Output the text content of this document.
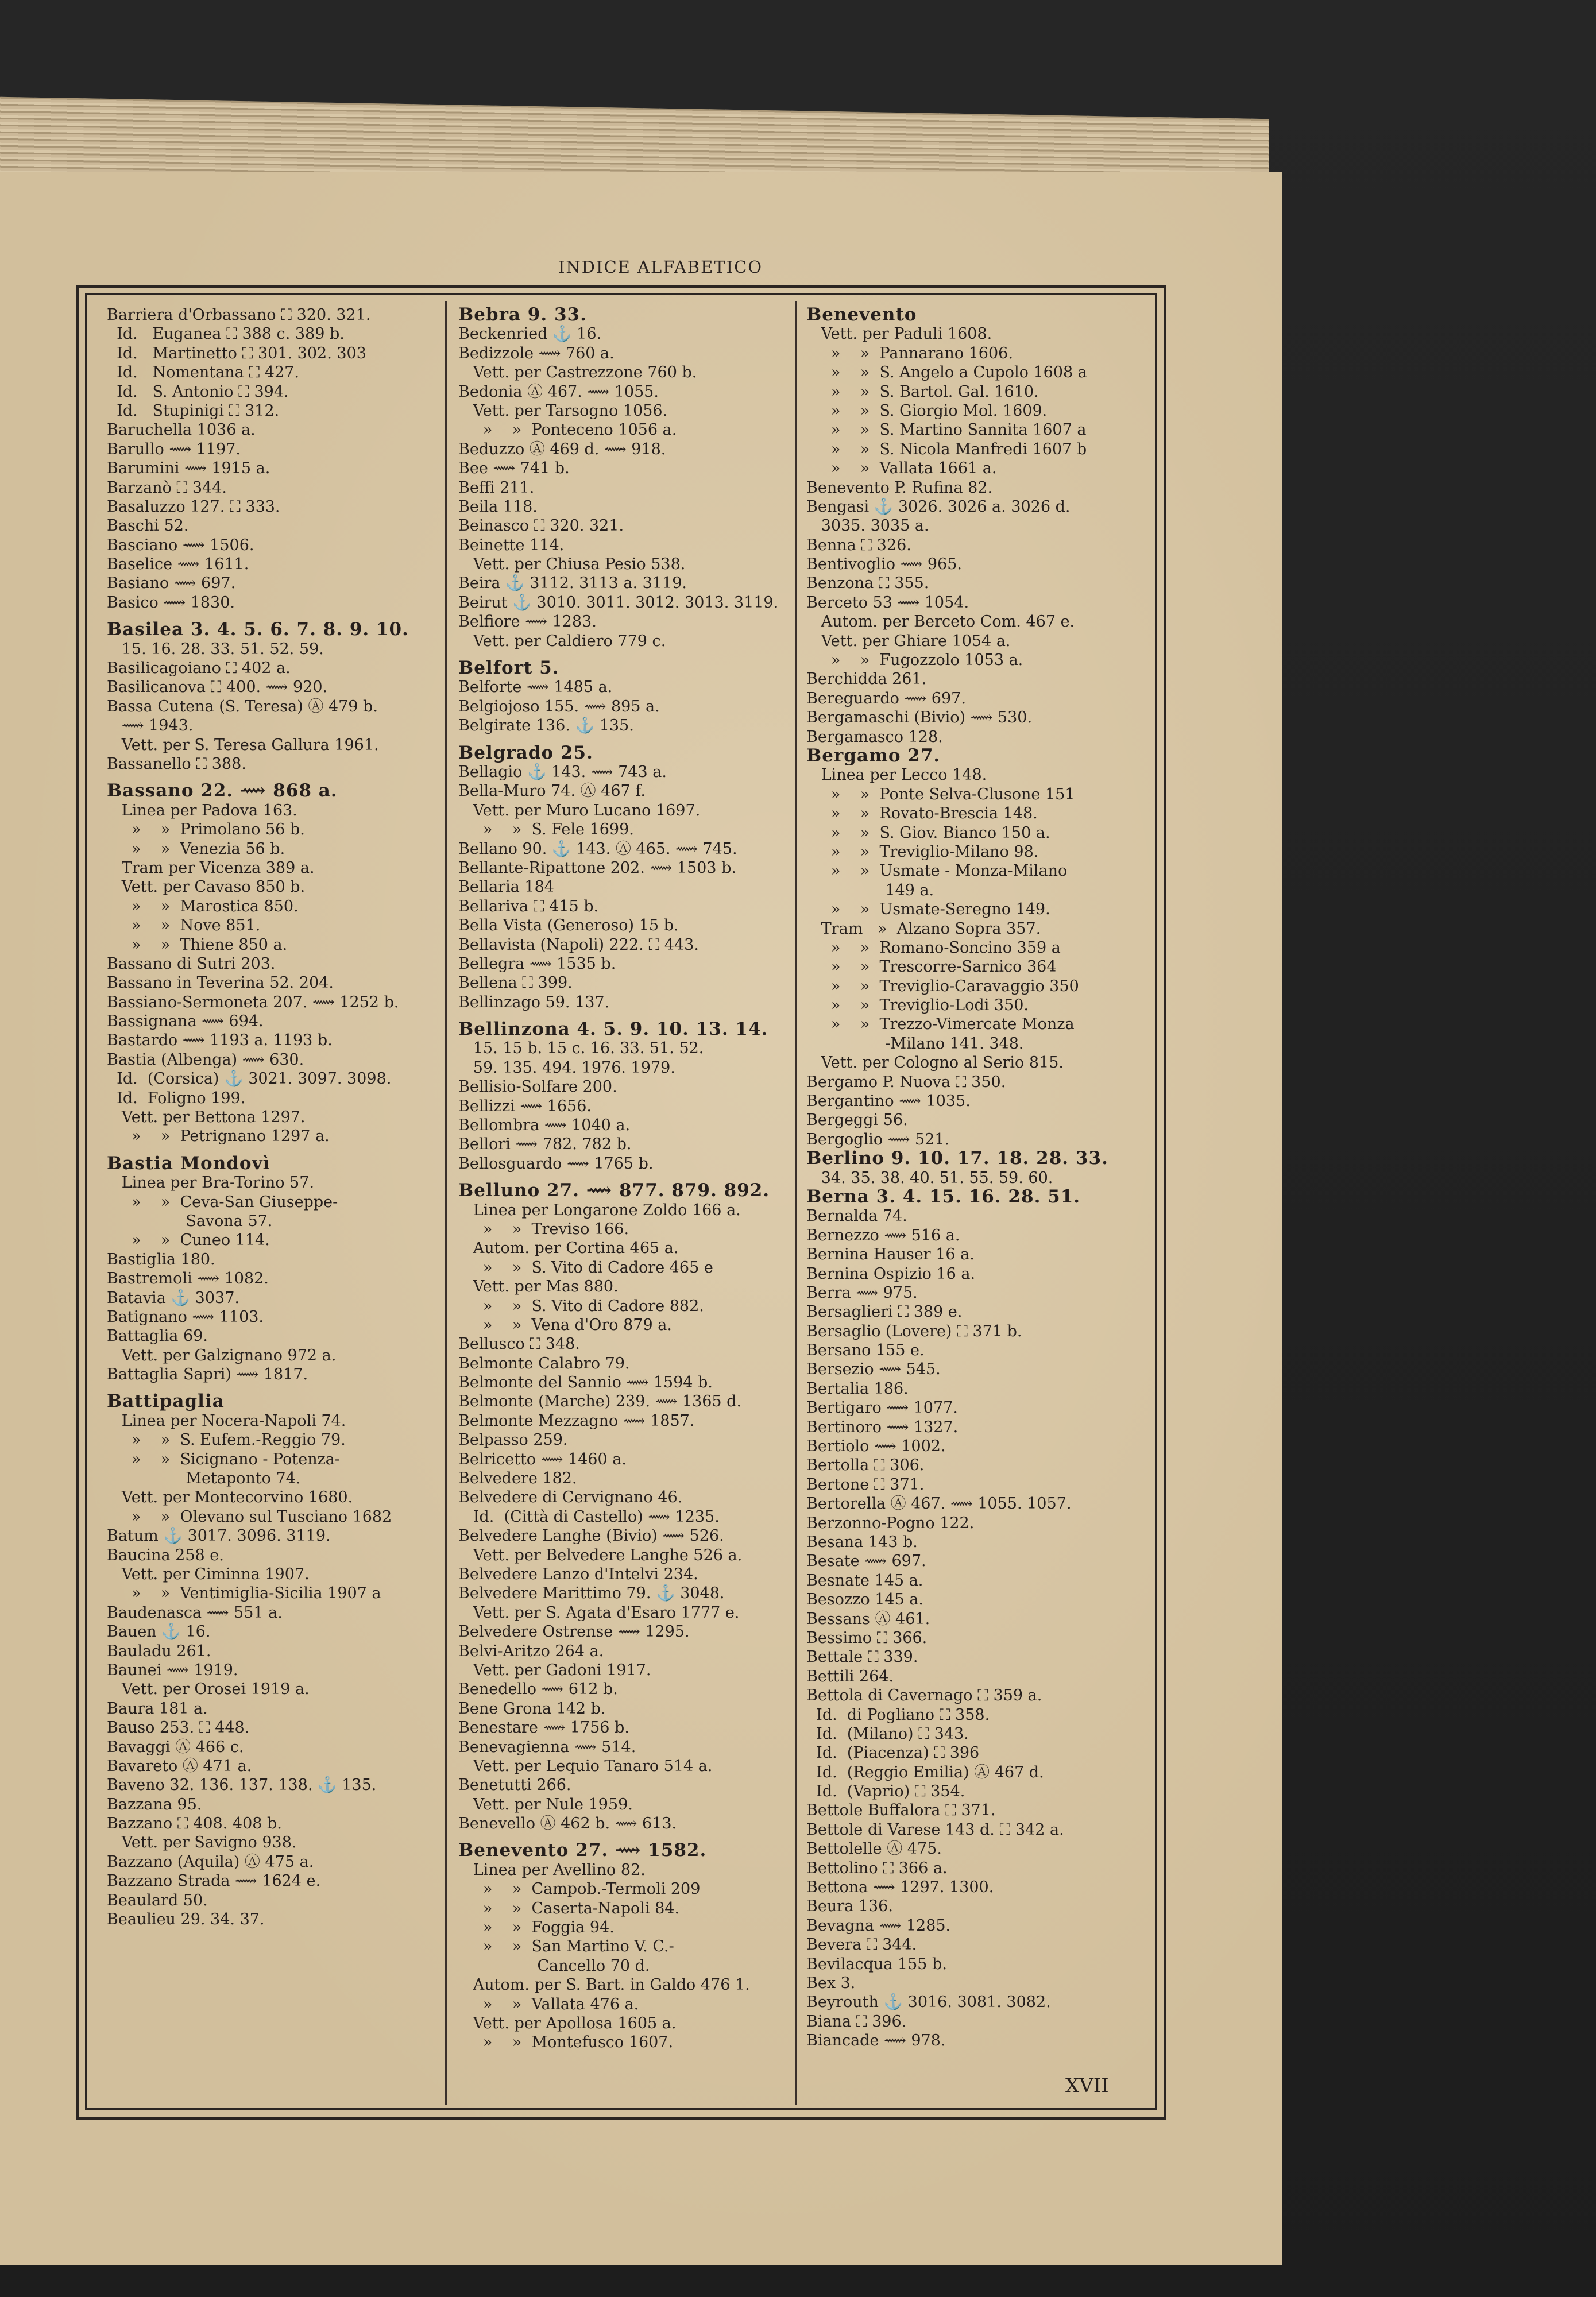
INDICE ALFABETICO
Barriera d'Orbassano ⛶ 320. 321.
Id.   Euganea ⛶ 388 c. 389 b.
Id.   Martinetto ⛶ 301. 302. 303
Id.   Nomentana ⛶ 427.
Id.   S. Antonio ⛶ 394.
Id.   Stupinigi ⛶ 312.
Baruchella 1036 a.
Barullo ⟿ 1197.
Barumini ⟿ 1915 a.
Barzanò ⛶ 344.
Basaluzzo 127. ⛶ 333.
Baschi 52.
Basciano ⟿ 1506.
Baselice ⟿ 1611.
Basiano ⟿ 697.
Basico ⟿ 1830.
Basilea 3. 4. 5. 6. 7. 8. 9. 10.
15. 16. 28. 33. 51. 52. 59.
Basilicagoiano ⛶ 402 a.
Basilicanova ⛶ 400. ⟿ 920.
Bassa Cutena (S. Teresa) Ⓐ 479 b.
⟿ 1943.
Vett. per S. Teresa Gallura 1961.
Bassanello ⛶ 388.
Bassano 22. ⟿ 868 a.
Linea per Padova 163.
»    »  Primolano 56 b.
»    »  Venezia 56 b.
Tram per Vicenza 389 a.
Vett. per Cavaso 850 b.
»    »  Marostica 850.
»    »  Nove 851.
»    »  Thiene 850 a.
Bassano di Sutri 203.
Bassano in Teverina 52. 204.
Bassiano-Sermoneta 207. ⟿ 1252 b.
Bassignana ⟿ 694.
Bastardo ⟿ 1193 a. 1193 b.
Bastia (Albenga) ⟿ 630.
Id.  (Corsica) ⚓ 3021. 3097. 3098.
Id.  Foligno 199.
Vett. per Bettona 1297.
»    »  Petrignano 1297 a.
Bastia Mondovì
Linea per Bra-Torino 57.
»    »  Ceva-San Giuseppe-
Savona 57.
»    »  Cuneo 114.
Bastiglia 180.
Bastremoli ⟿ 1082.
Batavia ⚓ 3037.
Batignano ⟿ 1103.
Battaglia 69.
Vett. per Galzignano 972 a.
Battaglia Sapri) ⟿ 1817.
Battipaglia
Linea per Nocera-Napoli 74.
»    »  S. Eufem.-Reggio 79.
»    »  Sicignano - Potenza-
Metaponto 74.
Vett. per Montecorvino 1680.
»    »  Olevano sul Tusciano 1682
Batum ⚓ 3017. 3096. 3119.
Baucina 258 e.
Vett. per Ciminna 1907.
»    »  Ventimiglia-Sicilia 1907 a
Baudenasca ⟿ 551 a.
Bauen ⚓ 16.
Bauladu 261.
Baunei ⟿ 1919.
Vett. per Orosei 1919 a.
Baura 181 a.
Bauso 253. ⛶ 448.
Bavaggi Ⓐ 466 c.
Bavareto Ⓐ 471 a.
Baveno 32. 136. 137. 138. ⚓ 135.
Bazzana 95.
Bazzano ⛶ 408. 408 b.
Vett. per Savigno 938.
Bazzano (Aquila) Ⓐ 475 a.
Bazzano Strada ⟿ 1624 e.
Beaulard 50.
Beaulieu 29. 34. 37.
Bebra 9. 33.
Beckenried ⚓ 16.
Bedizzole ⟿ 760 a.
Vett. per Castrezzone 760 b.
Bedonia Ⓐ 467. ⟿ 1055.
Vett. per Tarsogno 1056.
»    »  Ponteceno 1056 a.
Beduzzo Ⓐ 469 d. ⟿ 918.
Bee ⟿ 741 b.
Beffi 211.
Beila 118.
Beinasco ⛶ 320. 321.
Beinette 114.
Vett. per Chiusa Pesio 538.
Beira ⚓ 3112. 3113 a. 3119.
Beirut ⚓ 3010. 3011. 3012. 3013. 3119.
Belfiore ⟿ 1283.
Vett. per Caldiero 779 c.
Belfort 5.
Belforte ⟿ 1485 a.
Belgiojoso 155. ⟿ 895 a.
Belgirate 136. ⚓ 135.
Belgrado 25.
Bellagio ⚓ 143. ⟿ 743 a.
Bella-Muro 74. Ⓐ 467 f.
Vett. per Muro Lucano 1697.
»    »  S. Fele 1699.
Bellano 90. ⚓ 143. Ⓐ 465. ⟿ 745.
Bellante-Ripattone 202. ⟿ 1503 b.
Bellaria 184
Bellariva ⛶ 415 b.
Bella Vista (Generoso) 15 b.
Bellavista (Napoli) 222. ⛶ 443.
Bellegra ⟿ 1535 b.
Bellena ⛶ 399.
Bellinzago 59. 137.
Bellinzona 4. 5. 9. 10. 13. 14.
15. 15 b. 15 c. 16. 33. 51. 52.
59. 135. 494. 1976. 1979.
Bellisio-Solfare 200.
Bellizzi ⟿ 1656.
Bellombra ⟿ 1040 a.
Bellori ⟿ 782. 782 b.
Bellosguardo ⟿ 1765 b.
Belluno 27. ⟿ 877. 879. 892.
Linea per Longarone Zoldo 166 a.
»    »  Treviso 166.
Autom. per Cortina 465 a.
»    »  S. Vito di Cadore 465 e
Vett. per Mas 880.
»    »  S. Vito di Cadore 882.
»    »  Vena d'Oro 879 a.
Bellusco ⛶ 348.
Belmonte Calabro 79.
Belmonte del Sannio ⟿ 1594 b.
Belmonte (Marche) 239. ⟿ 1365 d.
Belmonte Mezzagno ⟿ 1857.
Belpasso 259.
Belricetto ⟿ 1460 a.
Belvedere 182.
Belvedere di Cervignano 46.
Id.  (Città di Castello) ⟿ 1235.
Belvedere Langhe (Bivio) ⟿ 526.
Vett. per Belvedere Langhe 526 a.
Belvedere Lanzo d'Intelvi 234.
Belvedere Marittimo 79. ⚓ 3048.
Vett. per S. Agata d'Esaro 1777 e.
Belvedere Ostrense ⟿ 1295.
Belvi-Aritzo 264 a.
Vett. per Gadoni 1917.
Benedello ⟿ 612 b.
Bene Grona 142 b.
Benestare ⟿ 1756 b.
Benevagienna ⟿ 514.
Vett. per Lequio Tanaro 514 a.
Benetutti 266.
Vett. per Nule 1959.
Benevello Ⓐ 462 b. ⟿ 613.
Benevento 27. ⟿ 1582.
Linea per Avellino 82.
»    »  Campob.-Termoli 209
»    »  Caserta-Napoli 84.
»    »  Foggia 94.
»    »  San Martino V. C.-
Cancello 70 d.
Autom. per S. Bart. in Galdo 476 1.
»    »  Vallata 476 a.
Vett. per Apollosa 1605 a.
»    »  Montefusco 1607.
Benevento
Vett. per Paduli 1608.
»    »  Pannarano 1606.
»    »  S. Angelo a Cupolo 1608 a
»    »  S. Bartol. Gal. 1610.
»    »  S. Giorgio Mol. 1609.
»    »  S. Martino Sannita 1607 a
»    »  S. Nicola Manfredi 1607 b
»    »  Vallata 1661 a.
Benevento P. Rufina 82.
Bengasi ⚓ 3026. 3026 a. 3026 d.
3035. 3035 a.
Benna ⛶ 326.
Bentivoglio ⟿ 965.
Benzona ⛶ 355.
Berceto 53 ⟿ 1054.
Autom. per Berceto Com. 467 e.
Vett. per Ghiare 1054 a.
»    »  Fugozzolo 1053 a.
Berchidda 261.
Bereguardo ⟿ 697.
Bergamaschi (Bivio) ⟿ 530.
Bergamasco 128.
Bergamo 27.
Linea per Lecco 148.
»    »  Ponte Selva-Clusone 151
»    »  Rovato-Brescia 148.
»    »  S. Giov. Bianco 150 a.
»    »  Treviglio-Milano 98.
»    »  Usmate - Monza-Milano
149 a.
»    »  Usmate-Seregno 149.
Tram   »  Alzano Sopra 357.
»    »  Romano-Soncino 359 a
»    »  Trescorre-Sarnico 364
»    »  Treviglio-Caravaggio 350
»    »  Treviglio-Lodi 350.
»    »  Trezzo-Vimercate Monza
-Milano 141. 348.
Vett. per Cologno al Serio 815.
Bergamo P. Nuova ⛶ 350.
Bergantino ⟿ 1035.
Bergeggi 56.
Bergoglio ⟿ 521.
Berlino 9. 10. 17. 18. 28. 33.
34. 35. 38. 40. 51. 55. 59. 60.
Berna 3. 4. 15. 16. 28. 51.
Bernalda 74.
Bernezzo ⟿ 516 a.
Bernina Hauser 16 a.
Bernina Ospizio 16 a.
Berra ⟿ 975.
Bersaglieri ⛶ 389 e.
Bersaglio (Lovere) ⛶ 371 b.
Bersano 155 e.
Bersezio ⟿ 545.
Bertalia 186.
Bertigaro ⟿ 1077.
Bertinoro ⟿ 1327.
Bertiolo ⟿ 1002.
Bertolla ⛶ 306.
Bertone ⛶ 371.
Bertorella Ⓐ 467. ⟿ 1055. 1057.
Berzonno-Pogno 122.
Besana 143 b.
Besate ⟿ 697.
Besnate 145 a.
Besozzo 145 a.
Bessans Ⓐ 461.
Bessimo ⛶ 366.
Bettale ⛶ 339.
Bettili 264.
Bettola di Cavernago ⛶ 359 a.
Id.  di Pogliano ⛶ 358.
Id.  (Milano) ⛶ 343.
Id.  (Piacenza) ⛶ 396
Id.  (Reggio Emilia) Ⓐ 467 d.
Id.  (Vaprio) ⛶ 354.
Bettole Buffalora ⛶ 371.
Bettole di Varese 143 d. ⛶ 342 a.
Bettolelle Ⓐ 475.
Bettolino ⛶ 366 a.
Bettona ⟿ 1297. 1300.
Beura 136.
Bevagna ⟿ 1285.
Bevera ⛶ 344.
Bevilacqua 155 b.
Bex 3.
Beyrouth ⚓ 3016. 3081. 3082.
Biana ⛶ 396.
Biancade ⟿ 978.
XVII
